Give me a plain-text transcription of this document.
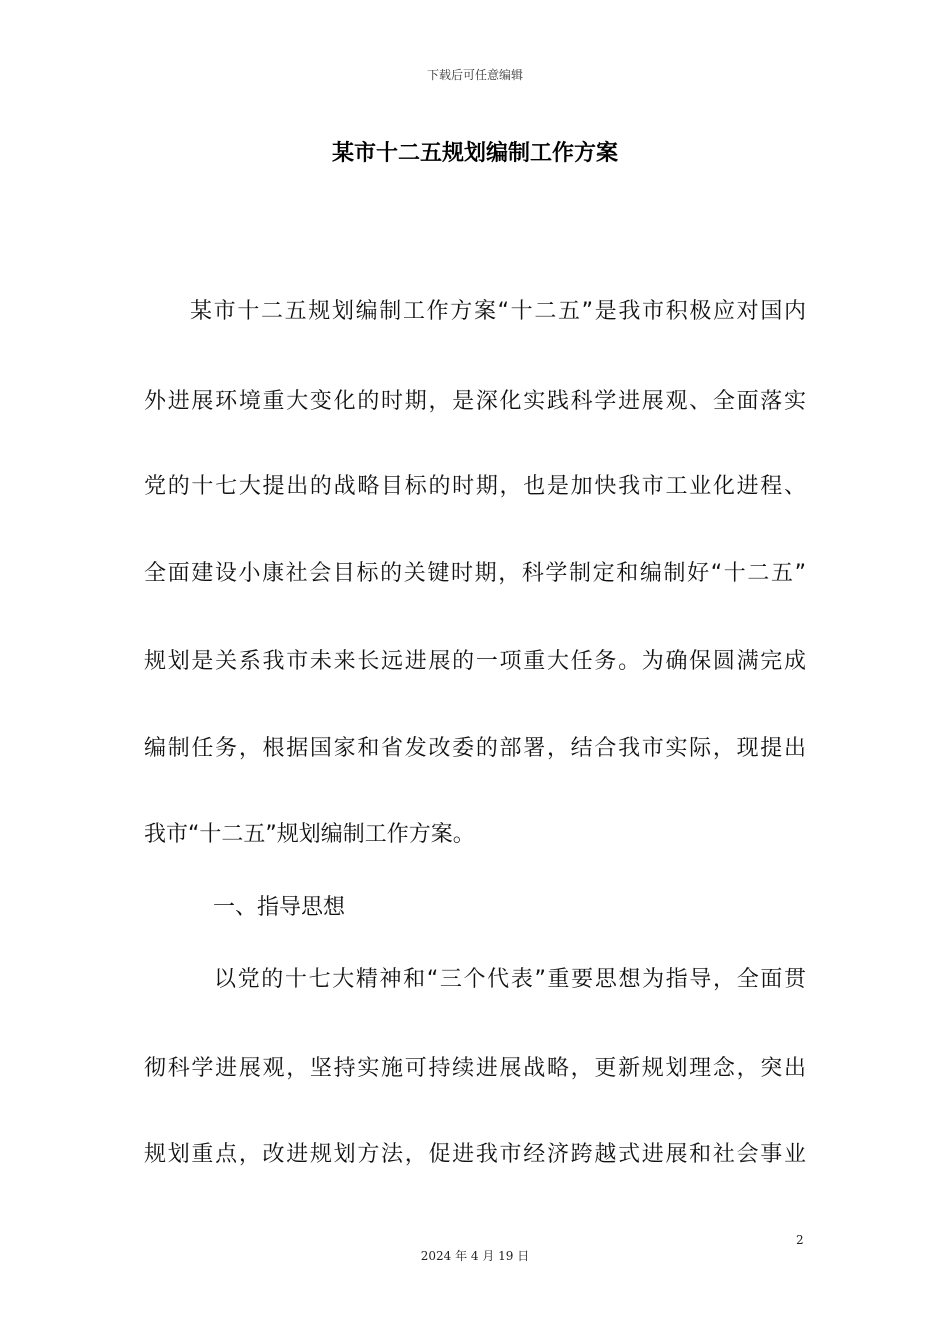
下载后可任意编辑
某市十二五规划编制工作方案
某市十二五规划编制工作方案“十二五”是我市积极应对国内
外进展环境重大变化的时期，是深化实践科学进展观、全面落实
党的十七大提出的战略目标的时期，也是加快我市工业化进程、
全面建设小康社会目标的关键时期，科学制定和编制好“十二五”
规划是关系我市未来长远进展的一项重大任务。为确保圆满完成
编制任务，根据国家和省发改委的部署，结合我市实际，现提出
我市“十二五”规划编制工作方案。
一、指导思想
以党的十七大精神和“三个代表”重要思想为指导，全面贯
彻科学进展观，坚持实施可持续进展战略，更新规划理念，突出
规划重点，改进规划方法，促进我市经济跨越式进展和社会事业
2
2024 年 4 月 19 日
